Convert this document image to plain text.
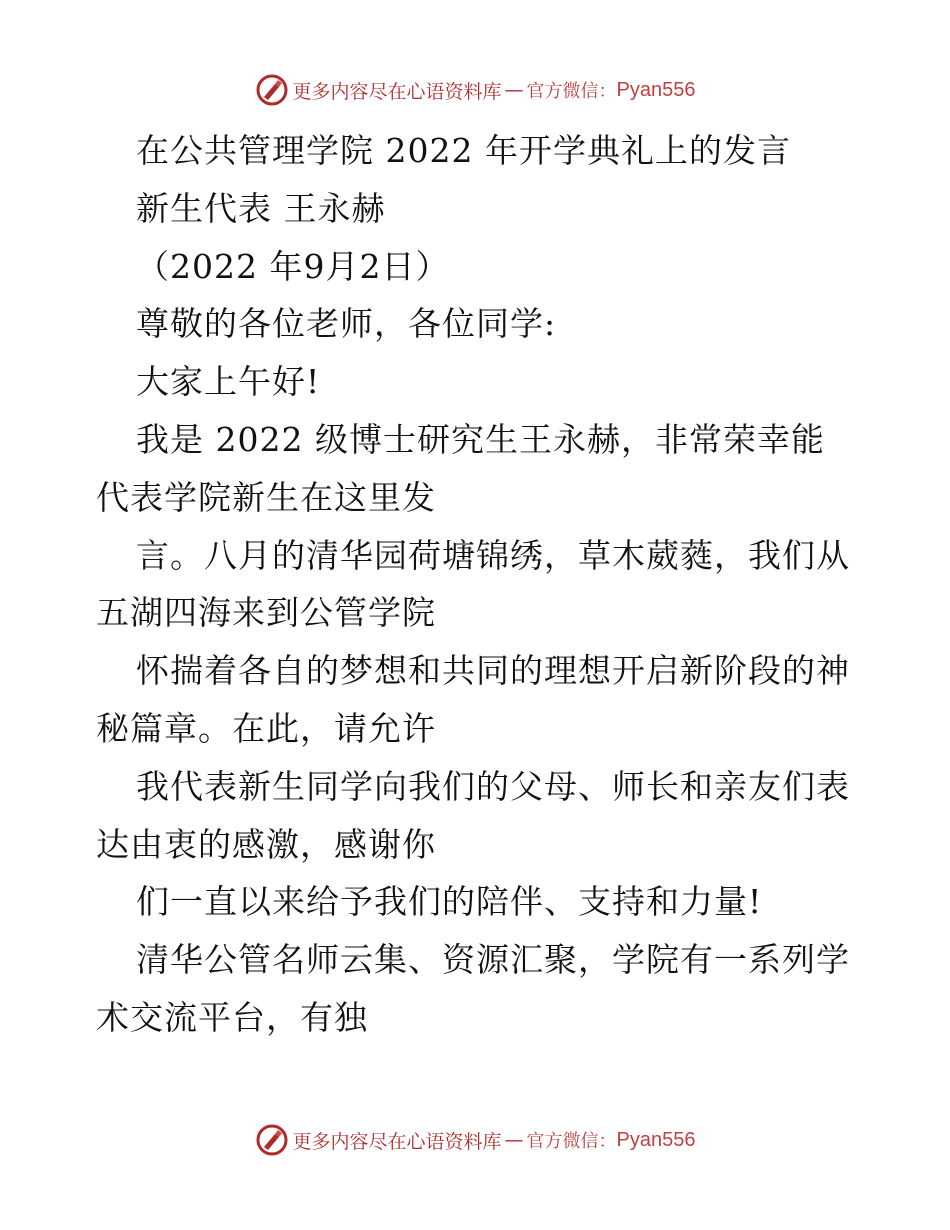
更多内容尽在心语资料库 — 官方微信： Pyan556

在公共管理学院 2022 年开学典礼上的发言

新生代表 王永赫

（2022 年9月2日）

尊敬的各位老师，各位同学:

大家上午好!

我是 2022 级博士研究生王永赫，非常荣幸能代表学院新生在这里发

言。八月的清华园荷塘锦绣，草木葳蕤，我们从五湖四海来到公管学院

怀揣着各自的梦想和共同的理想开启新阶段的神秘篇章。在此，请允许

我代表新生同学向我们的父母、师长和亲友们表达由衷的感激，感谢你

们一直以来给予我们的陪伴、支持和力量!

清华公管名师云集、资源汇聚，学院有一系列学术交流平台，有独

更多内容尽在心语资料库 — 官方微信： Pyan556
